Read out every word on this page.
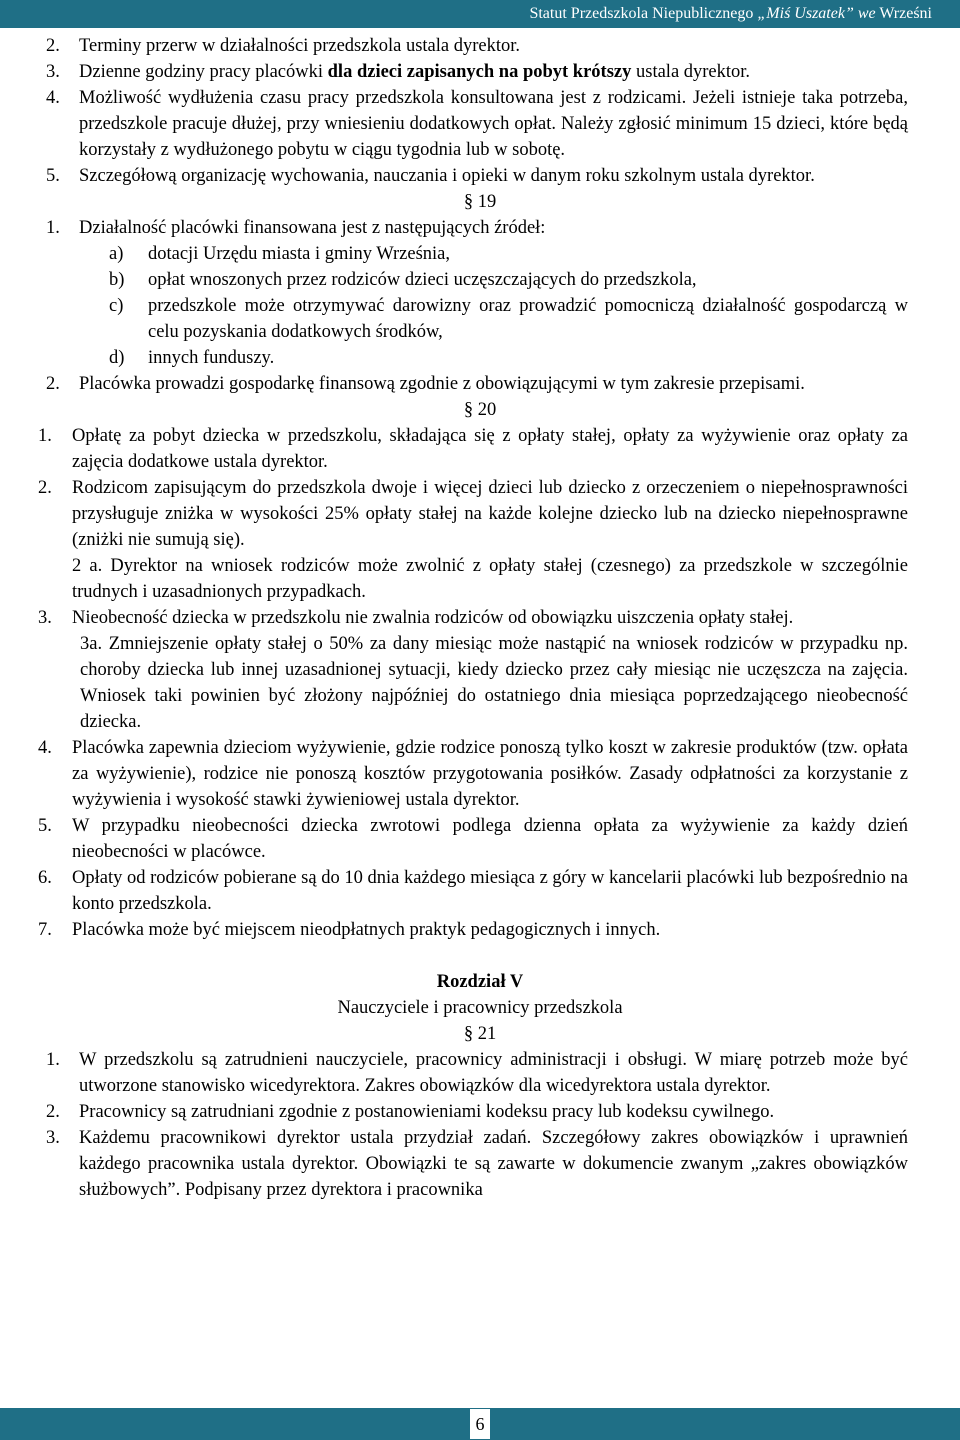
Statut Przedszkola Niepublicznego „Miś Uszatek” we Wrześni
2. Terminy przerw w działalności przedszkola ustala dyrektor.
3. Dzienne godziny pracy placówki dla dzieci zapisanych na pobyt krótszy ustala dyrektor.
4. Możliwość wydłużenia czasu pracy przedszkola konsultowana jest z rodzicami. Jeżeli istnieje taka potrzeba, przedszkole pracuje dłużej, przy wniesieniu dodatkowych opłat. Należy zgłosić minimum 15 dzieci, które będą korzystały z wydłużonego pobytu w ciągu tygodnia lub w sobotę.
5. Szczegółową organizację wychowania, nauczania i opieki w danym roku szkolnym ustala dyrektor.
§ 19
1. Działalność placówki finansowana jest z następujących źródeł:
a) dotacji Urzędu miasta i gminy Września,
b) opłat wnoszonych przez rodziców dzieci uczęszczających do przedszkola,
c) przedszkole może otrzymywać darowizny oraz prowadzić pomocniczą działalność gospodarczą w celu pozyskania dodatkowych środków,
d) innych funduszy.
2. Placówka prowadzi gospodarkę finansową zgodnie z obowiązującymi w tym zakresie przepisami.
§ 20
1. Opłatę za pobyt dziecka w przedszkolu, składająca się z opłaty stałej, opłaty za wyżywienie oraz opłaty za zajęcia dodatkowe ustala dyrektor.
2. Rodzicom zapisującym do przedszkola dwoje i więcej dzieci lub dziecko z orzeczeniem o niepełnosprawności przysługuje zniżka w wysokości 25% opłaty stałej na każde kolejne dziecko lub na dziecko niepełnosprawne (zniżki nie sumują się).
2 a. Dyrektor na wniosek rodziców może zwolnić z opłaty stałej (czesnego) za przedszkole w szczególnie trudnych i uzasadnionych przypadkach.
3. Nieobecność dziecka w przedszkolu nie zwalnia rodziców od obowiązku uiszczenia opłaty stałej.
3a. Zmniejszenie opłaty stałej o 50% za dany miesiąc może nastąpić na wniosek rodziców w przypadku np. choroby dziecka lub innej uzasadnionej sytuacji, kiedy dziecko przez cały miesiąc nie uczęszcza na zajęcia. Wniosek taki powinien być złożony najpóźniej do ostatniego dnia miesiąca poprzedzającego nieobecność dziecka.
4. Placówka zapewnia dzieciom wyżywienie, gdzie rodzice ponoszą tylko koszt w zakresie produktów (tzw. opłata za wyżywienie), rodzice nie ponoszą kosztów przygotowania posiłków. Zasady odpłatności za korzystanie z wyżywienia i wysokość stawki żywieniowej ustala dyrektor.
5. W przypadku nieobecności dziecka zwrotowi podlega dzienna opłata za wyżywienie za każdy dzień nieobecności w placówce.
6. Opłaty od rodziców pobierane są do 10 dnia każdego miesiąca z góry w kancelarii placówki lub bezpośrednio na konto przedszkola.
7. Placówka może być miejscem nieodpłatnych praktyk pedagogicznych i innych.
Rozdział V
Nauczyciele i pracownicy przedszkola
§ 21
1. W przedszkolu są zatrudnieni nauczyciele, pracownicy administracji i obsługi. W miarę potrzeb może być utworzone stanowisko wicedyrektora. Zakres obowiązków dla wicedyrektora ustala dyrektor.
2. Pracownicy są zatrudniani zgodnie z postanowieniami kodeksu pracy lub kodeksu cywilnego.
3. Każdemu pracownikowi dyrektor ustala przydział zadań. Szczegółowy zakres obowiązków i uprawnień każdego pracownika ustala dyrektor. Obowiązki te są zawarte w dokumencie zwanym „zakres obowiązków służbowych”. Podpisany przez dyrektora i pracownika
6
